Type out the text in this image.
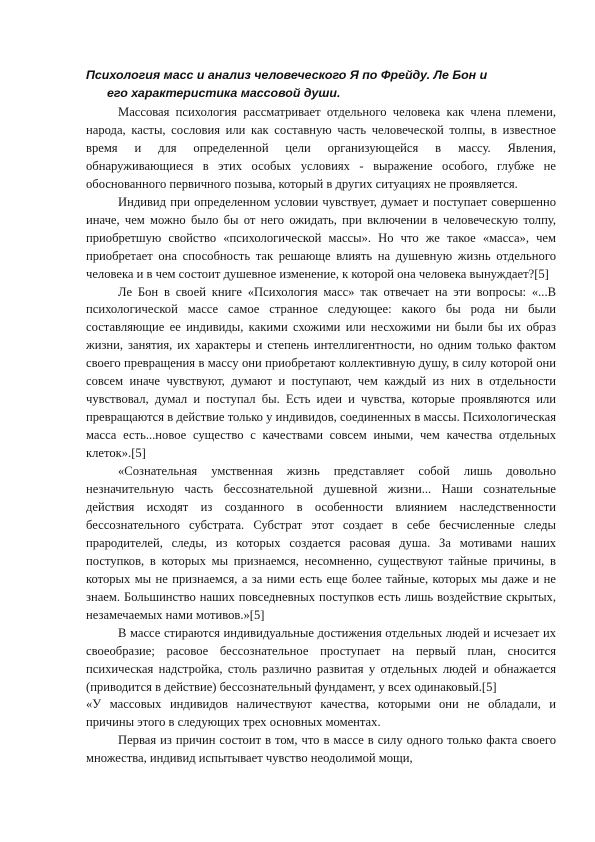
Психология масс и анализ человеческого Я по Фрейду. Ле Бон и
его характеристика массовой души.

Массовая психология рассматривает отдельного человека как члена племени, народа, касты, сословия или как составную часть человеческой толпы, в известное время и для определенной цели организующейся в массу. Явления, обнаруживающиеся в этих особых условиях - выражение особого, глубже не обоснованного первичного позыва, который в других ситуациях не проявляется.

Индивид при определенном условии чувствует, думает и поступает совершенно иначе, чем можно было бы от него ожидать, при включении в человеческую толпу, приобретшую свойство «психологической массы». Но что же такое «масса», чем приобретает она способность так решающе влиять на душевную жизнь отдельного человека и в чем состоит душевное изменение, к которой она человека вынуждает?[5]

Ле Бон в своей книге «Психология масс» так отвечает на эти вопросы: «...В психологической массе самое странное следующее: какого бы рода ни были составляющие ее индивиды, какими схожими или несхожими ни были бы их образ жизни, занятия, их характеры и степень интеллигентности, но одним только фактом своего превращения в массу они приобретают коллективную душу, в силу которой они совсем иначе чувствуют, думают и поступают, чем каждый из них в отдельности чувствовал, думал и поступал бы. Есть идеи и чувства, которые проявляются или превращаются в действие только у индивидов, соединенных в массы. Психологическая масса есть...новое существо с качествами совсем иными, чем качества отдельных клеток».[5]

«Сознательная умственная жизнь представляет собой лишь довольно незначительную часть бессознательной душевной жизни... Наши сознательные действия исходят из созданного в особенности влиянием наследственности бессознательного субстрата. Субстрат этот создает в себе бесчисленные следы прародителей, следы, из которых создается расовая душа. За мотивами наших поступков, в которых мы признаемся, несомненно, существуют тайные причины, в которых мы не признаемся, а за ними есть еще более тайные, которых мы даже и не знаем. Большинство наших повседневных поступков есть лишь воздействие скрытых, незамечаемых нами мотивов.»[5]

В массе стираются индивидуальные достижения отдельных людей и исчезает их своеобразие; расовое бессознательное проступает на первый план, сносится психическая надстройка, столь различно развитая у отдельных людей и обнажается (приводится в действие) бессознательный фундамент, у всех одинаковый.[5]

«У массовых индивидов наличествуют качества, которыми они не обладали, и причины этого в следующих трех основных моментах.

Первая из причин состоит в том, что в массе в силу одного только факта своего множества, индивид испытывает чувство неодолимой мощи,
